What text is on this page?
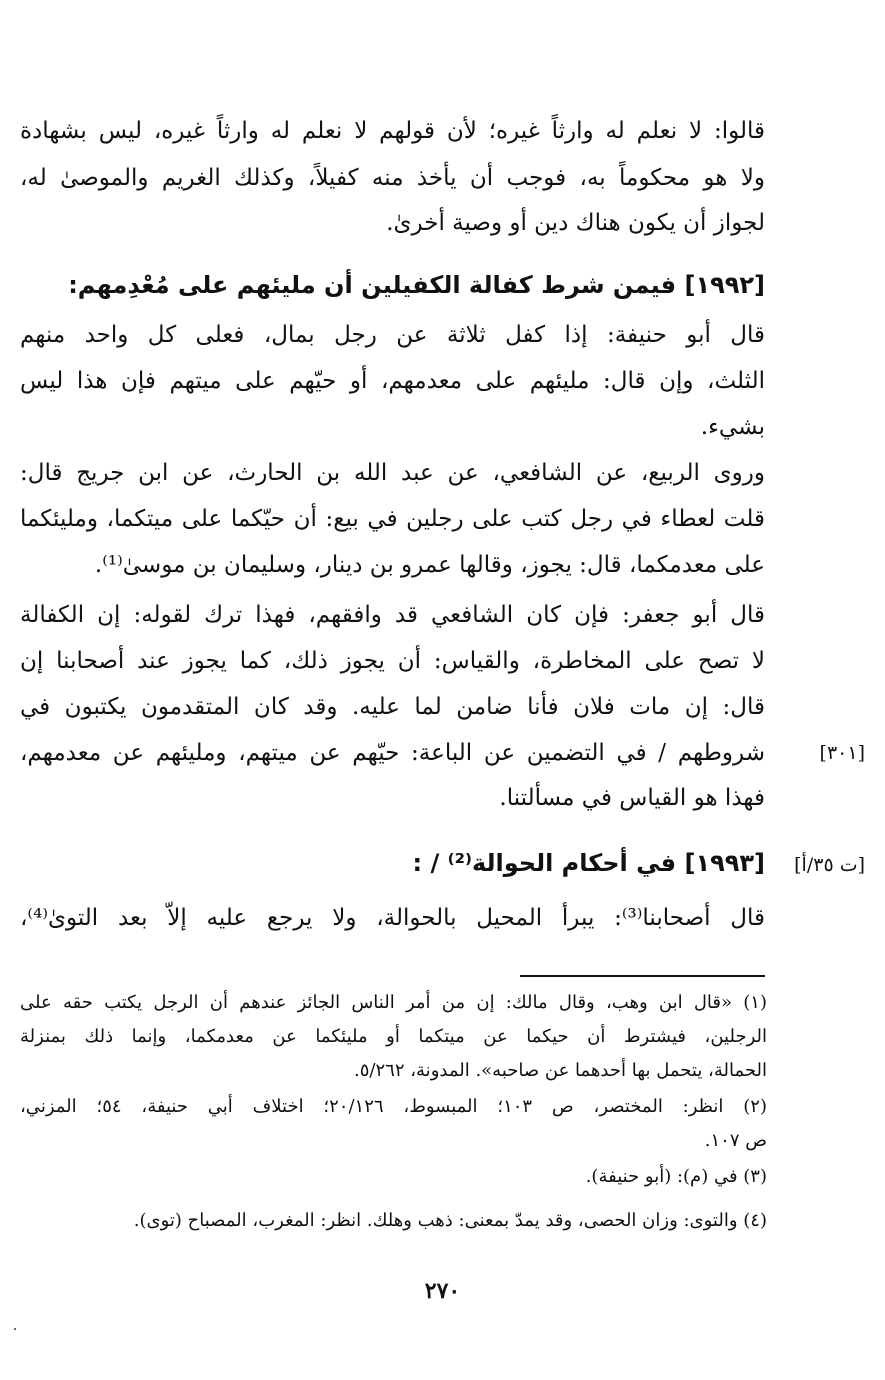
قالوا: لا نعلم له وارثاً غيره؛ لأن قولهم لا نعلم له وارثاً غيره، ليس بشهادة
ولا هو محكوماً به، فوجب أن يأخذ منه كفيلاً، وكذلك الغريم والموصىٰ له،
لجواز أن يكون هناك دين أو وصية أخرىٰ.
[١٩٩٢] فيمن شرط كفالة الكفيلين أن مليئهم على مُعْدِمهم:
قال أبو حنيفة: إذا كفل ثلاثة عن رجل بمال، فعلى كل واحد منهم
الثلث، وإن قال: مليئهم على معدمهم، أو حيّهم على ميتهم فإن هذا ليس
بشيء.
وروى الربيع، عن الشافعي، عن عبد الله بن الحارث، عن ابن جريج قال:
قلت لعطاء في رجل كتب على رجلين في بيع: أن حيّكما على ميتكما، ومليئكما
على معدمكما، قال: يجوز، وقالها عمرو بن دينار، وسليمان بن موسىٰ⁽¹⁾.
قال أبو جعفر: فإن كان الشافعي قد وافقهم، فهذا ترك لقوله: إن الكفالة
لا تصح على المخاطرة، والقياس: أن يجوز ذلك، كما يجوز عند أصحابنا إن
قال: إن مات فلان فأنا ضامن لما عليه. وقد كان المتقدمون يكتبون في
شروطهم / في التضمين عن الباعة: حيّهم عن ميتهم، ومليئهم عن معدمهم،
فهذا هو القياس في مسألتنا.
[١٩٩٣] في أحكام الحوالة⁽²⁾ / :
قال أصحابنا⁽³⁾: يبرأ المحيل بالحوالة، ولا يرجع عليه إلاّ بعد التوىٰ⁽⁴⁾،
[٣٠١]
[ت ٣٥/أ]
(١) «قال ابن وهب، وقال مالك: إن من أمر الناس الجائز عندهم أن الرجل يكتب حقه على
الرجلين، فيشترط أن حيكما عن ميتكما أو مليئكما عن معدمكما، وإنما ذلك بمنزلة
الحمالة، يتحمل بها أحدهما عن صاحبه». المدونة، ٥/٢٦٢.
(٢) انظر: المختصر، ص ١٠٣؛ المبسوط، ٢٠/١٢٦؛ اختلاف أبي حنيفة، ٥٤؛ المزني،
ص ١٠٧.
(٣) في (م): (أبو حنيفة).
(٤) والتوى: وزان الحصى، وقد يمدّ بمعنى: ذهب وهلك. انظر: المغرب، المصباح (توى).
٢٧٠
